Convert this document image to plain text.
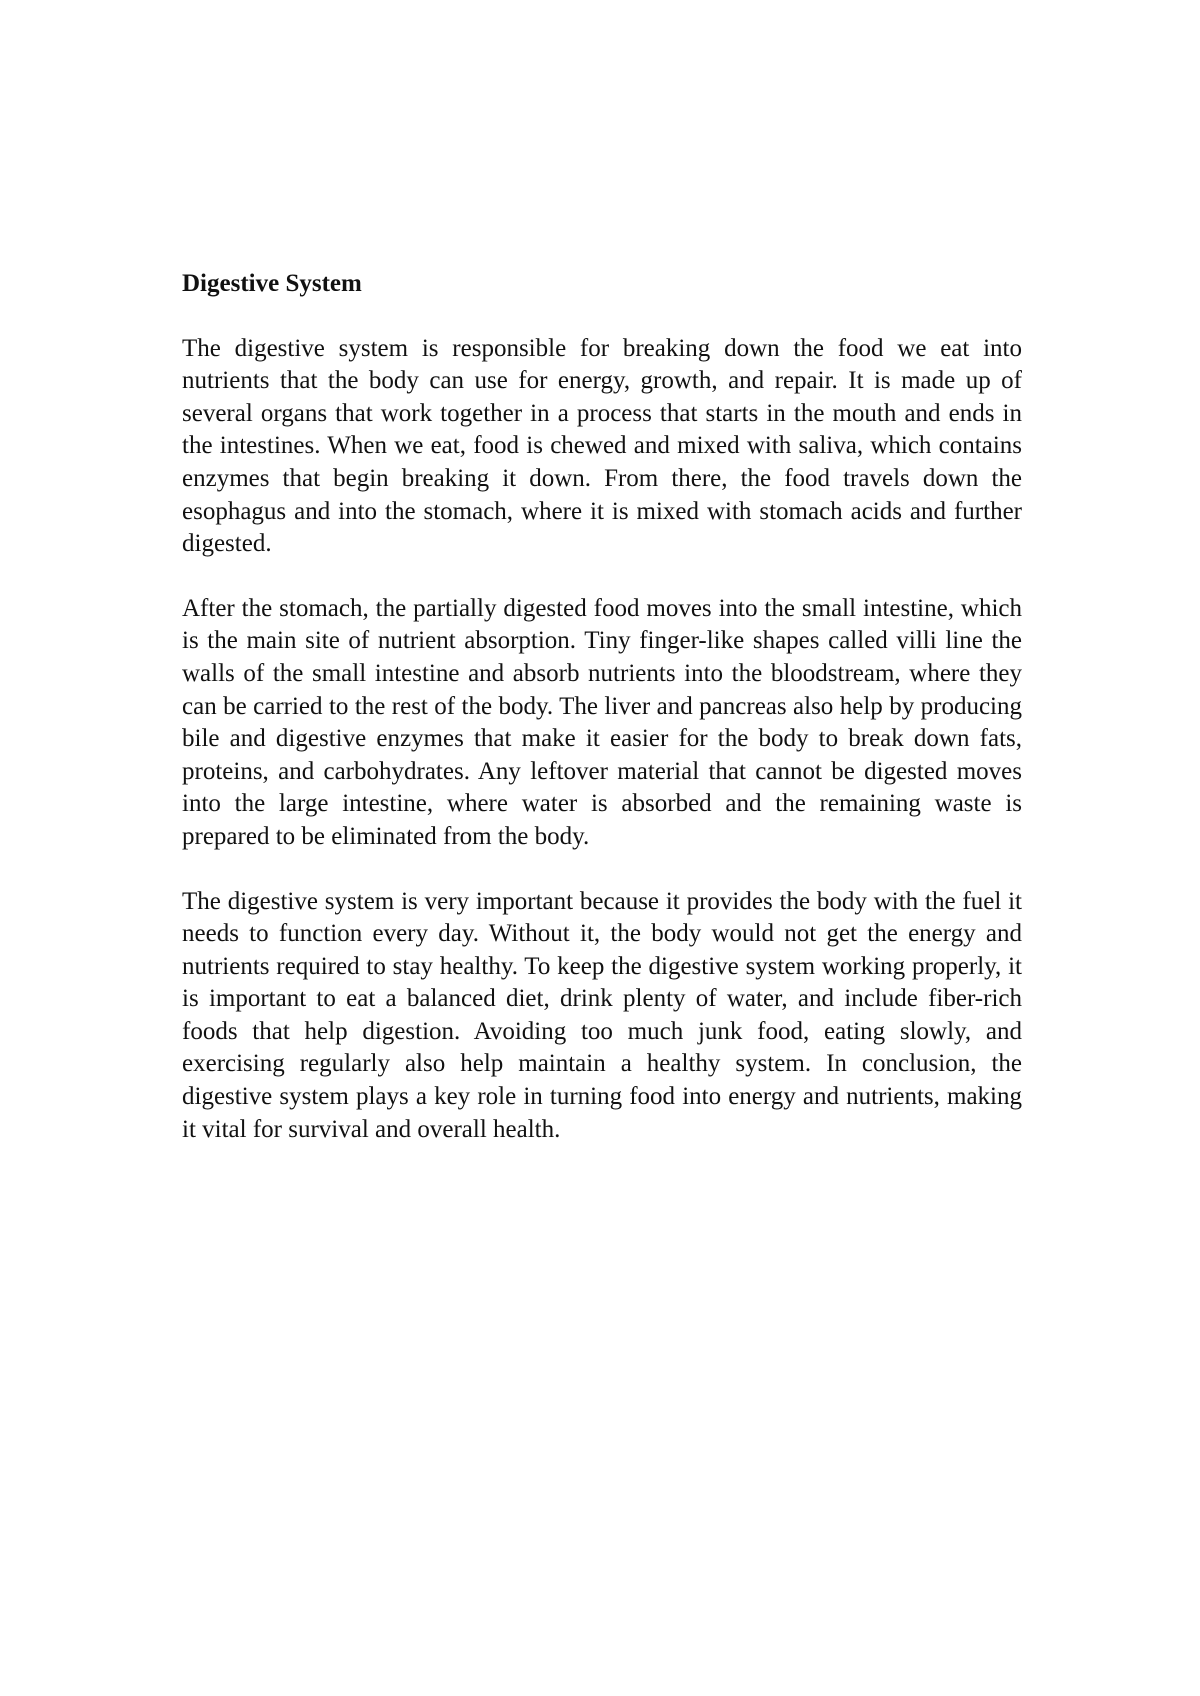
Digestive System

The digestive system is responsible for breaking down the food we eat into nutrients that the body can use for energy, growth, and repair. It is made up of several organs that work together in a process that starts in the mouth and ends in the intestines. When we eat, food is chewed and mixed with saliva, which contains enzymes that begin breaking it down. From there, the food travels down the esophagus and into the stomach, where it is mixed with stomach acids and further digested.

After the stomach, the partially digested food moves into the small intestine, which is the main site of nutrient absorption. Tiny finger-like shapes called villi line the walls of the small intestine and absorb nutrients into the bloodstream, where they can be carried to the rest of the body. The liver and pancreas also help by producing bile and digestive enzymes that make it easier for the body to break down fats, proteins, and carbohydrates. Any leftover material that cannot be digested moves into the large intestine, where water is absorbed and the remaining waste is prepared to be eliminated from the body.

The digestive system is very important because it provides the body with the fuel it needs to function every day. Without it, the body would not get the energy and nutrients required to stay healthy. To keep the digestive system working properly, it is important to eat a balanced diet, drink plenty of water, and include fiber-rich foods that help digestion. Avoiding too much junk food, eating slowly, and exercising regularly also help maintain a healthy system. In conclusion, the digestive system plays a key role in turning food into energy and nutrients, making it vital for survival and overall health.
